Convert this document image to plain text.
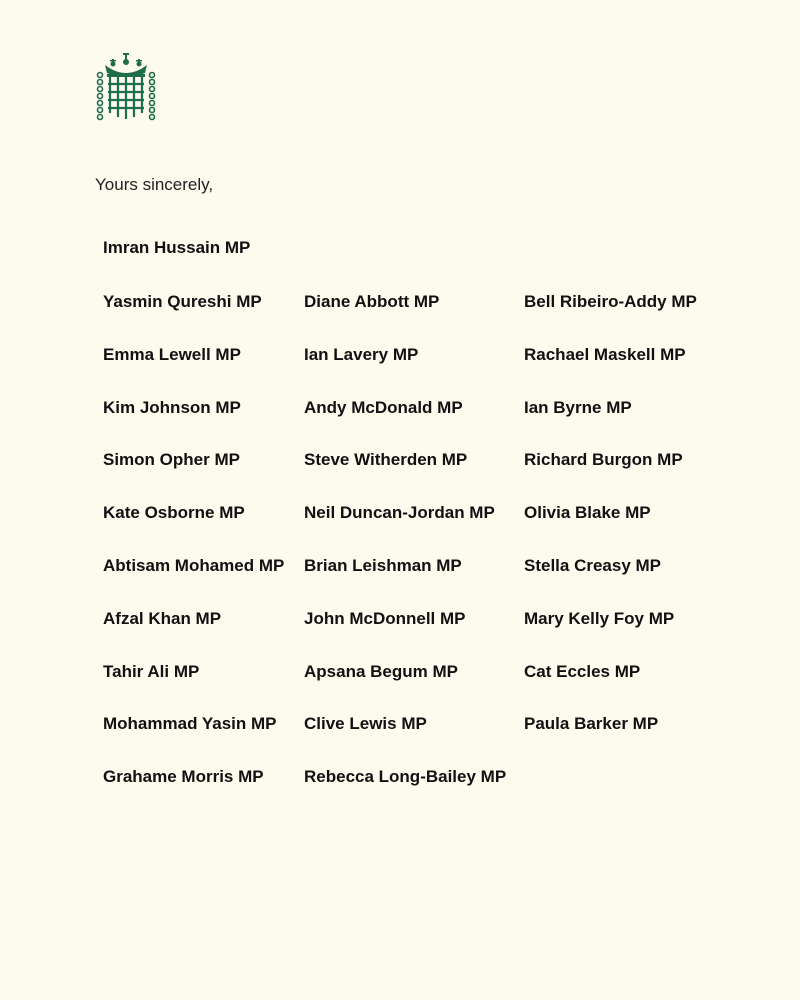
Yours sincerely,
Imran Hussain MP
Yasmin Qureshi MP	Diane Abbott MP	Bell Ribeiro-Addy MP
Emma Lewell MP	Ian Lavery MP	Rachael Maskell MP
Kim Johnson MP	Andy McDonald MP	Ian Byrne MP
Simon Opher MP	Steve Witherden MP	Richard Burgon MP
Kate Osborne MP	Neil Duncan-Jordan MP	Olivia Blake MP
Abtisam Mohamed MP	Brian Leishman MP	Stella Creasy MP
Afzal Khan MP	John McDonnell MP	Mary Kelly Foy MP
Tahir Ali MP	Apsana Begum MP	Cat Eccles MP
Mohammad Yasin MP	Clive Lewis MP	Paula Barker MP
Grahame Morris MP	Rebecca Long-Bailey MP
